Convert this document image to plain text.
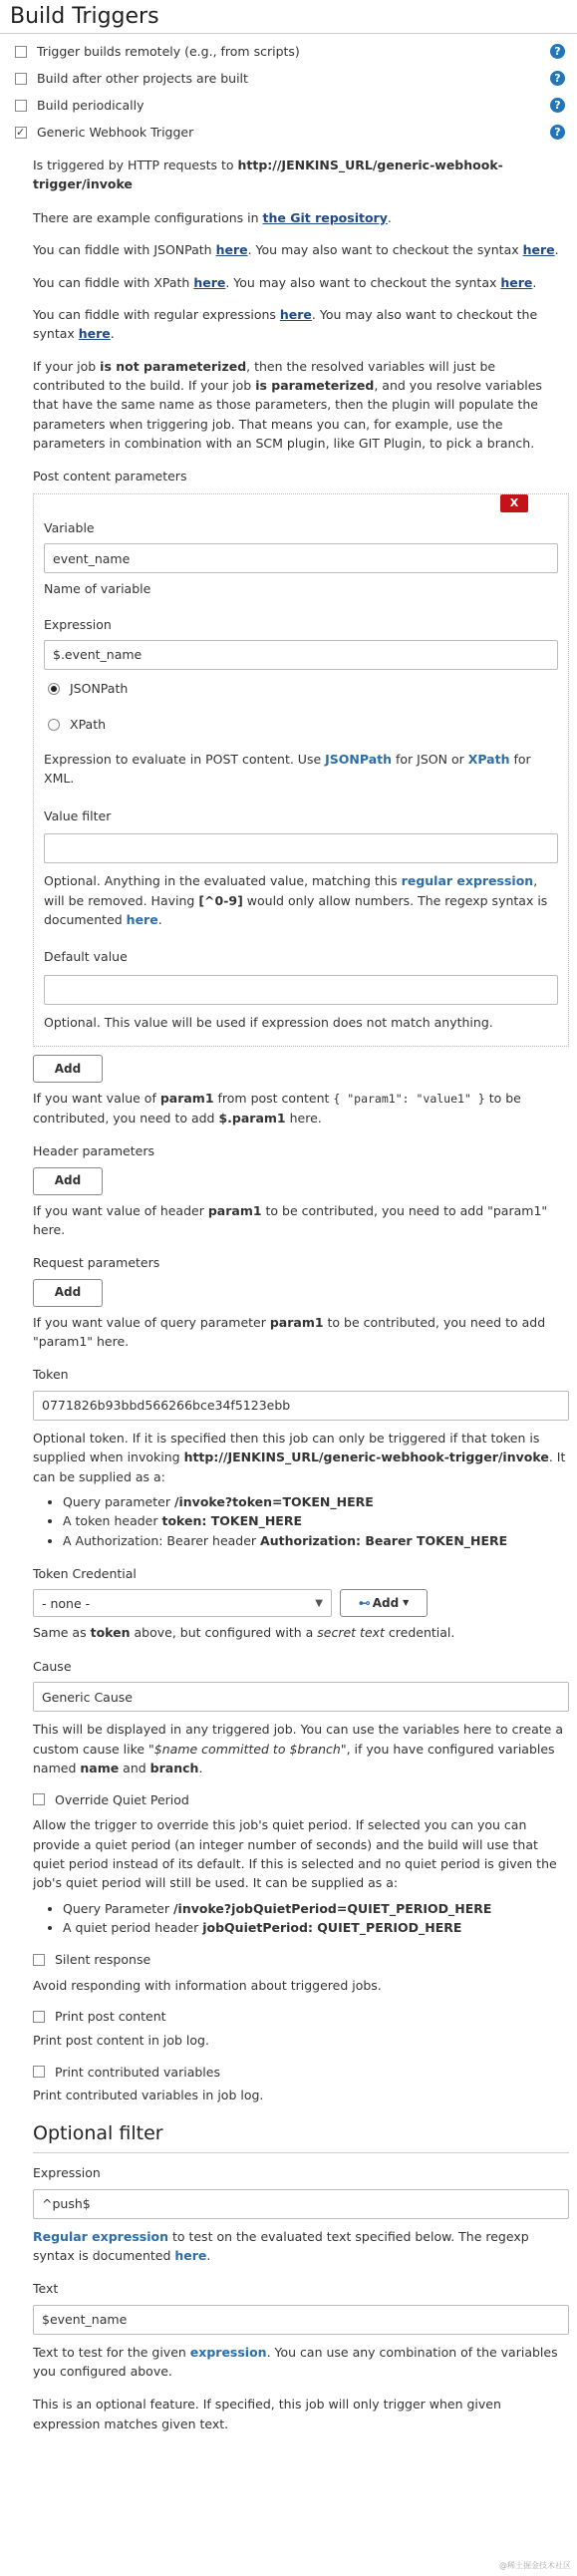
Build Triggers
Trigger builds remotely (e.g., from scripts)	?
Build after other projects are built	?
Build periodically	?
✓
Generic Webhook Trigger	?

Is triggered by HTTP requests to http://JENKINS_URL/generic-webhook-trigger/invoke

There are example configurations in the Git repository.

You can fiddle with JSONPath here. You may also want to checkout the syntax here.

You can fiddle with XPath here. You may also want to checkout the syntax here.

You can fiddle with regular expressions here. You may also want to checkout the syntax here.

If your job is not parameterized, then the resolved variables will just be contributed to the build. If your job is parameterized, and you resolve variables that have the same name as those parameters, then the plugin will populate the parameters when triggering job. That means you can, for example, use the parameters in combination with an SCM plugin, like GIT Plugin, to pick a branch.

Post content parameters

X

Variable

event_name

Name of variable

Expression

$.event_name
JSONPath
XPath

Expression to evaluate in POST content. Use JSONPath for JSON or XPath for XML.

Value filter

Optional. Anything in the evaluated value, matching this regular expression, will be removed. Having [^0-9] would only allow numbers. The regexp syntax is documented here.

Default value

Optional. This value will be used if expression does not match anything.

Add

If you want value of param1 from post content { "param1": "value1" } to be contributed, you need to add $.param1 here.

Header parameters

Add

If you want value of header param1 to be contributed, you need to add "param1" here.

Request parameters

Add

If you want value of query parameter param1 to be contributed, you need to add "param1" here.

Token

0771826b93bbd566266bce34f5123ebb

Optional token. If it is specified then this job can only be triggered if that token is supplied when invoking http://JENKINS_URL/generic-webhook-trigger/invoke. It can be supplied as a:

• Query parameter /invoke?token=TOKEN_HERE
• A token header token: TOKEN_HERE
• A Authorization: Bearer header Authorization: Bearer TOKEN_HERE

Token Credential

- none -	▼	⊷ Add ▼

Same as token above, but configured with a secret text credential.

Cause

Generic Cause

This will be displayed in any triggered job. You can use the variables here to create a custom cause like "$name committed to $branch", if you have configured variables named name and branch.

Override Quiet Period

Allow the trigger to override this job's quiet period. If selected you can you can provide a quiet period (an integer number of seconds) and the build will use that quiet period instead of its default. If this is selected and no quiet period is given the job's quiet period will still be used. It can be supplied as a:

• Query Parameter /invoke?jobQuietPeriod=QUIET_PERIOD_HERE
• A quiet period header jobQuietPeriod: QUIET_PERIOD_HERE
Silent response

Avoid responding with information about triggered jobs.

Print post content

Print post content in job log.

Print contributed variables

Print contributed variables in job log.

Optional filter

Expression

^push$

Regular expression to test on the evaluated text specified below. The regexp syntax is documented here.

Text

$event_name

Text to test for the given expression. You can use any combination of the variables you configured above.

This is an optional feature. If specified, this job will only trigger when given expression matches given text.

@稀土掘金技术社区
